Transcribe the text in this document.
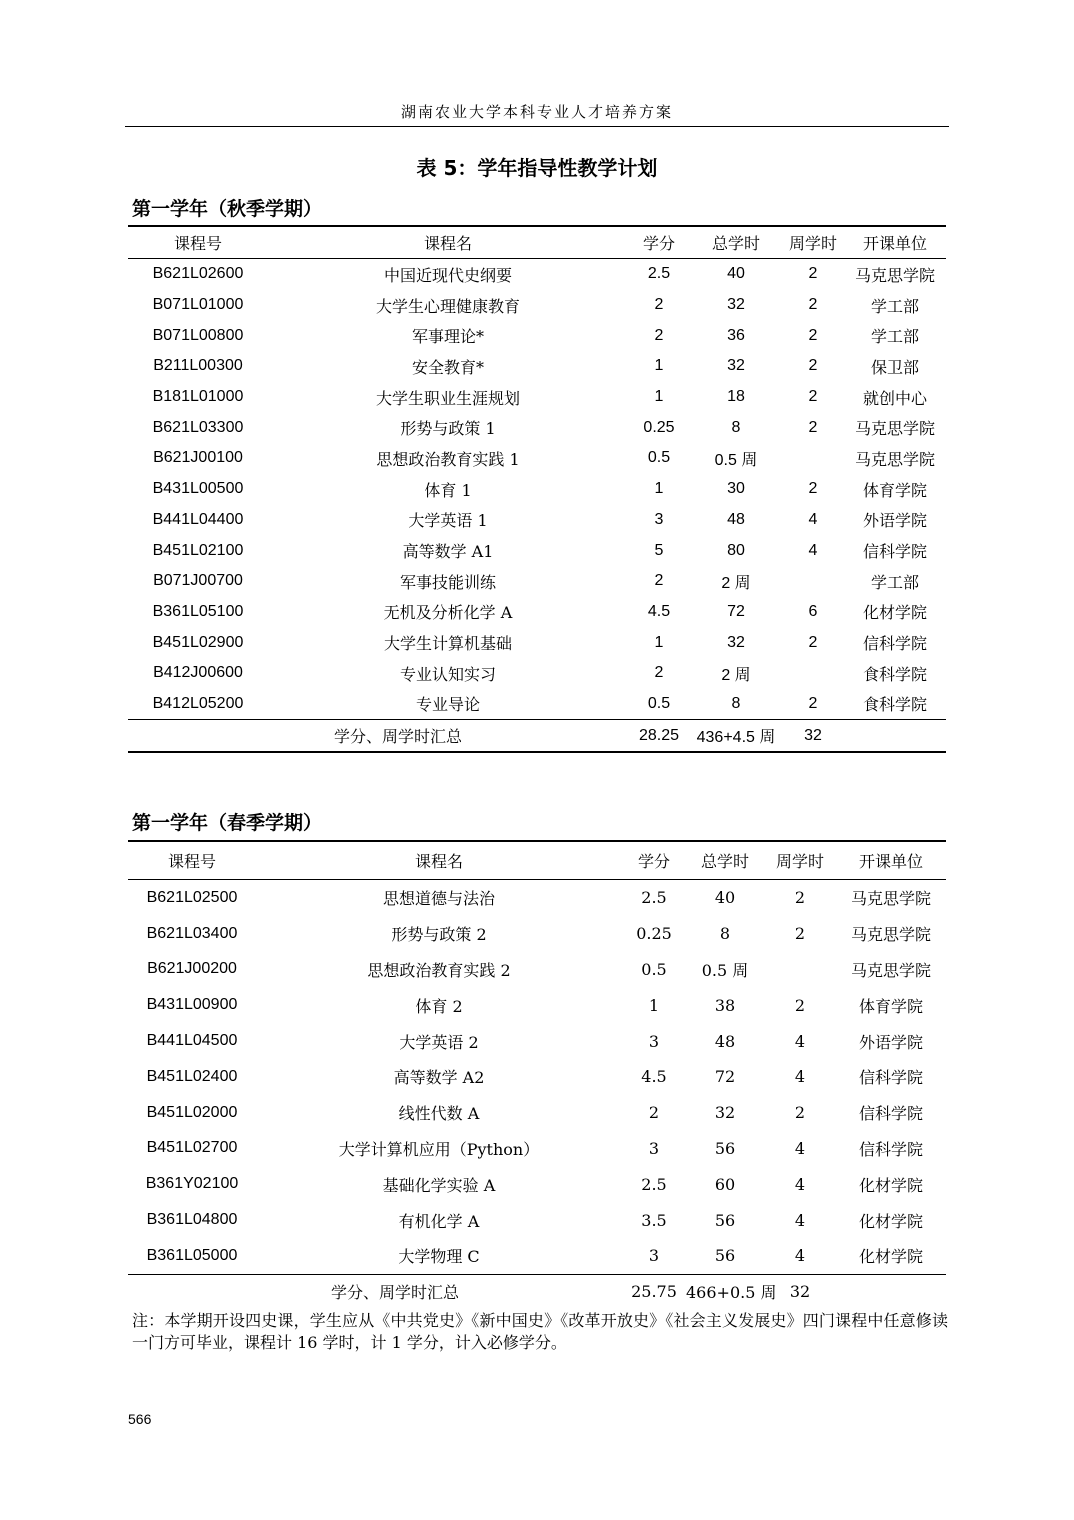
湖南农业大学本科专业人才培养方案
表 5：学年指导性教学计划
第一学年（秋季学期）
课程号	课程名	学分	总学时	周学时	开课单位
B621L02600	中国近现代史纲要	2.5	40	2	马克思学院
B071L01000	大学生心理健康教育	2	32	2	学工部
B071L00800	军事理论*	2	36	2	学工部
B211L00300	安全教育*	1	32	2	保卫部
B181L01000	大学生职业生涯规划	1	18	2	就创中心
B621L03300	形势与政策 1	0.25	8	2	马克思学院
B621J00100	思想政治教育实践 1	0.5	0.5 周		马克思学院
B431L00500	体育 1	1	30	2	体育学院
B441L04400	大学英语 1	3	48	4	外语学院
B451L02100	高等数学 A1	5	80	4	信科学院
B071J00700	军事技能训练	2	2 周		学工部
B361L05100	无机及分析化学 A	4.5	72	6	化材学院
B451L02900	大学生计算机基础	1	32	2	信科学院
B412J00600	专业认知实习	2	2 周		食科学院
B412L05200	专业导论	0.5	8	2	食科学院
学分、周学时汇总		28.25	436+4.5 周	32	
第一学年（春季学期）
课程号	课程名	学分	总学时	周学时	开课单位
B621L02500	思想道德与法治	2.5	40	2	马克思学院
B621L03400	形势与政策 2	0.25	8	2	马克思学院
B621J00200	思想政治教育实践 2	0.5	0.5 周		马克思学院
B431L00900	体育 2	1	38	2	体育学院
B441L04500	大学英语 2	3	48	4	外语学院
B451L02400	高等数学 A2	4.5	72	4	信科学院
B451L02000	线性代数 A	2	32	2	信科学院
B451L02700	大学计算机应用（Python）	3	56	4	信科学院
B361Y02100	基础化学实验 A	2.5	60	4	化材学院
B361L04800	有机化学 A	3.5	56	4	化材学院
B361L05000	大学物理 C	3	56	4	化材学院
学分、周学时汇总		25.75	466+0.5 周	32	
注：本学期开设四史课，学生应从《中共党史》《新中国史》《改革开放史》《社会主义发展史》四门课程中任意修读一门方可毕业，课程计 16 学时，计 1 学分，计入必修学分。
566
